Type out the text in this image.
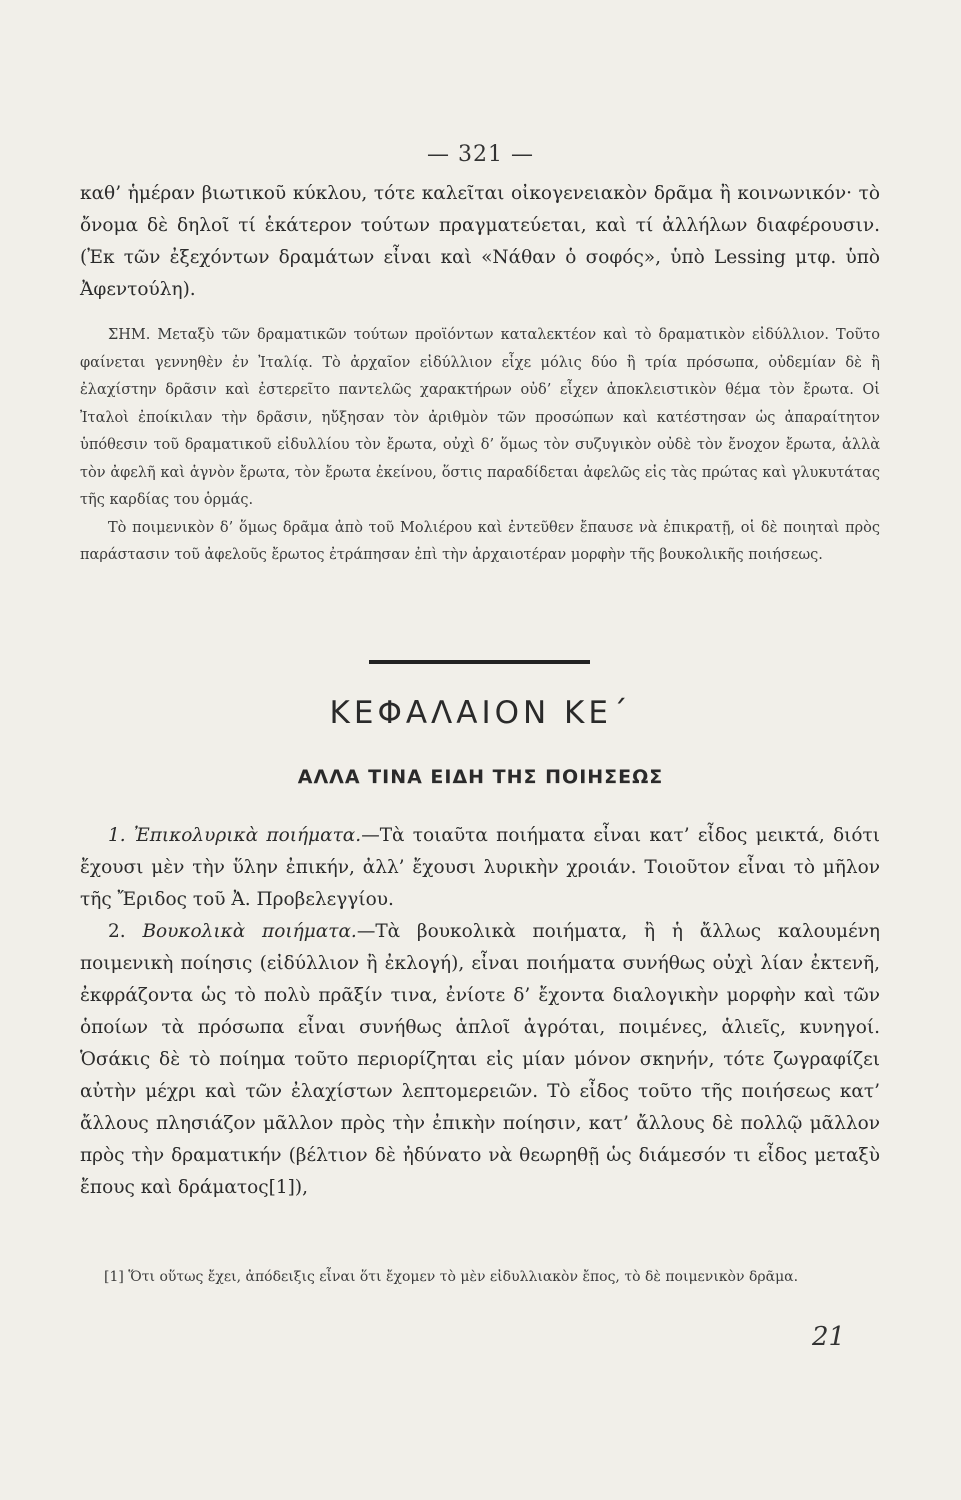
— 321 —

καθ’ ἡμέραν βιωτικοῦ κύκλου, τότε καλεῖται οἰκογενειακὸν δρᾶμα ἢ κοινωνικόν· τὸ ὄνομα δὲ δηλοῖ τί ἑκάτερον τούτων πραγματεύεται, καὶ τί ἀλλήλων διαφέρουσιν. (Ἐκ τῶν ἐξεχόντων δραμάτων εἶναι καὶ «Νάθαν ὁ σοφός», ὑπὸ Lessing μτφ. ὑπὸ Ἀφεντούλη).

ΣΗΜ. Μεταξὺ τῶν δραματικῶν τούτων προϊόντων καταλεκτέον καὶ τὸ δραματικὸν εἰδύλλιον. Τοῦτο φαίνεται γεννηθὲν ἐν Ἰταλίᾳ. Τὸ ἀρχαῖον εἰδύλλιον εἶχε μόλις δύο ἢ τρία πρόσωπα, οὐδεμίαν δὲ ἢ ἐλαχίστην δρᾶσιν καὶ ἐστερεῖτο παντελῶς χαρακτήρων οὐδ’ εἶχεν ἀποκλειστικὸν θέμα τὸν ἔρωτα. Οἱ Ἰταλοὶ ἐποίκιλαν τὴν δρᾶσιν, ηὔξησαν τὸν ἀριθμὸν τῶν προσώπων καὶ κατέστησαν ὡς ἀπαραίτητον ὑπόθεσιν τοῦ δραματικοῦ εἰδυλλίου τὸν ἔρωτα, οὐχὶ δ’ ὅμως τὸν συζυγικὸν οὐδὲ τὸν ἔνοχον ἔρωτα, ἀλλὰ τὸν ἀφελῆ καὶ ἁγνὸν ἔρωτα, τὸν ἔρωτα ἐκείνου, ὅστις παραδίδεται ἀφελῶς εἰς τὰς πρώτας καὶ γλυκυτάτας τῆς καρδίας του ὁρμάς.

Τὸ ποιμενικὸν δ’ ὅμως δρᾶμα ἀπὸ τοῦ Μολιέρου καὶ ἐντεῦθεν ἔπαυσε νὰ ἐπικρατῇ, οἱ δὲ ποιηταὶ πρὸς παράστασιν τοῦ ἀφελοῦς ἔρωτος ἐτράπησαν ἐπὶ τὴν ἀρχαιοτέραν μορφὴν τῆς βουκολικῆς ποιήσεως.

ΚΕΦΑΛΑΙΟΝ ΚΕ΄
ΑΛΛΑ ΤΙΝΑ ΕΙΔΗ ΤΗΣ ΠΟΙΗΣΕΩΣ

1. Ἐπικολυρικὰ ποιήματα.—Τὰ τοιαῦτα ποιήματα εἶναι κατ’ εἶδος μεικτά, διότι ἔχουσι μὲν τὴν ὕλην ἐπικήν, ἀλλ’ ἔχουσι λυρικὴν χροιάν. Τοιοῦτον εἶναι τὸ μῆλον τῆς Ἔριδος τοῦ Ἀ. Προβελεγγίου.

2. Βουκολικὰ ποιήματα.—Τὰ βουκολικὰ ποιήματα, ἢ ἡ ἄλλως καλουμένη ποιμενικὴ ποίησις (εἰδύλλιον ἢ ἐκλογή), εἶναι ποιήματα συνήθως οὐχὶ λίαν ἐκτενῆ, ἐκφράζοντα ὡς τὸ πολὺ πρᾶξίν τινα, ἐνίοτε δ’ ἔχοντα διαλογικὴν μορφὴν καὶ τῶν ὁποίων τὰ πρόσωπα εἶναι συνήθως ἁπλοῖ ἀγρόται, ποιμένες, ἁλιεῖς, κυνηγοί. Ὁσάκις δὲ τὸ ποίημα τοῦτο περιορίζηται εἰς μίαν μόνον σκηνήν, τότε ζωγραφίζει αὐτὴν μέχρι καὶ τῶν ἐλαχίστων λεπτομερειῶν. Τὸ εἶδος τοῦτο τῆς ποιήσεως κατ’ ἄλλους πλησιάζον μᾶλλον πρὸς τὴν ἐπικὴν ποίησιν, κατ’ ἄλλους δὲ πολλῷ μᾶλλον πρὸς τὴν δραματικήν (βέλτιον δὲ ἠδύνατο νὰ θεωρηθῇ ὡς διάμεσόν τι εἶδος μεταξὺ ἔπους καὶ δράματος[1]),

[1] Ὅτι οὕτως ἔχει, ἀπόδειξις εἶναι ὅτι ἔχομεν τὸ μὲν εἰδυλλιακὸν ἔπος, τὸ δὲ ποιμενικὸν δρᾶμα.
21
